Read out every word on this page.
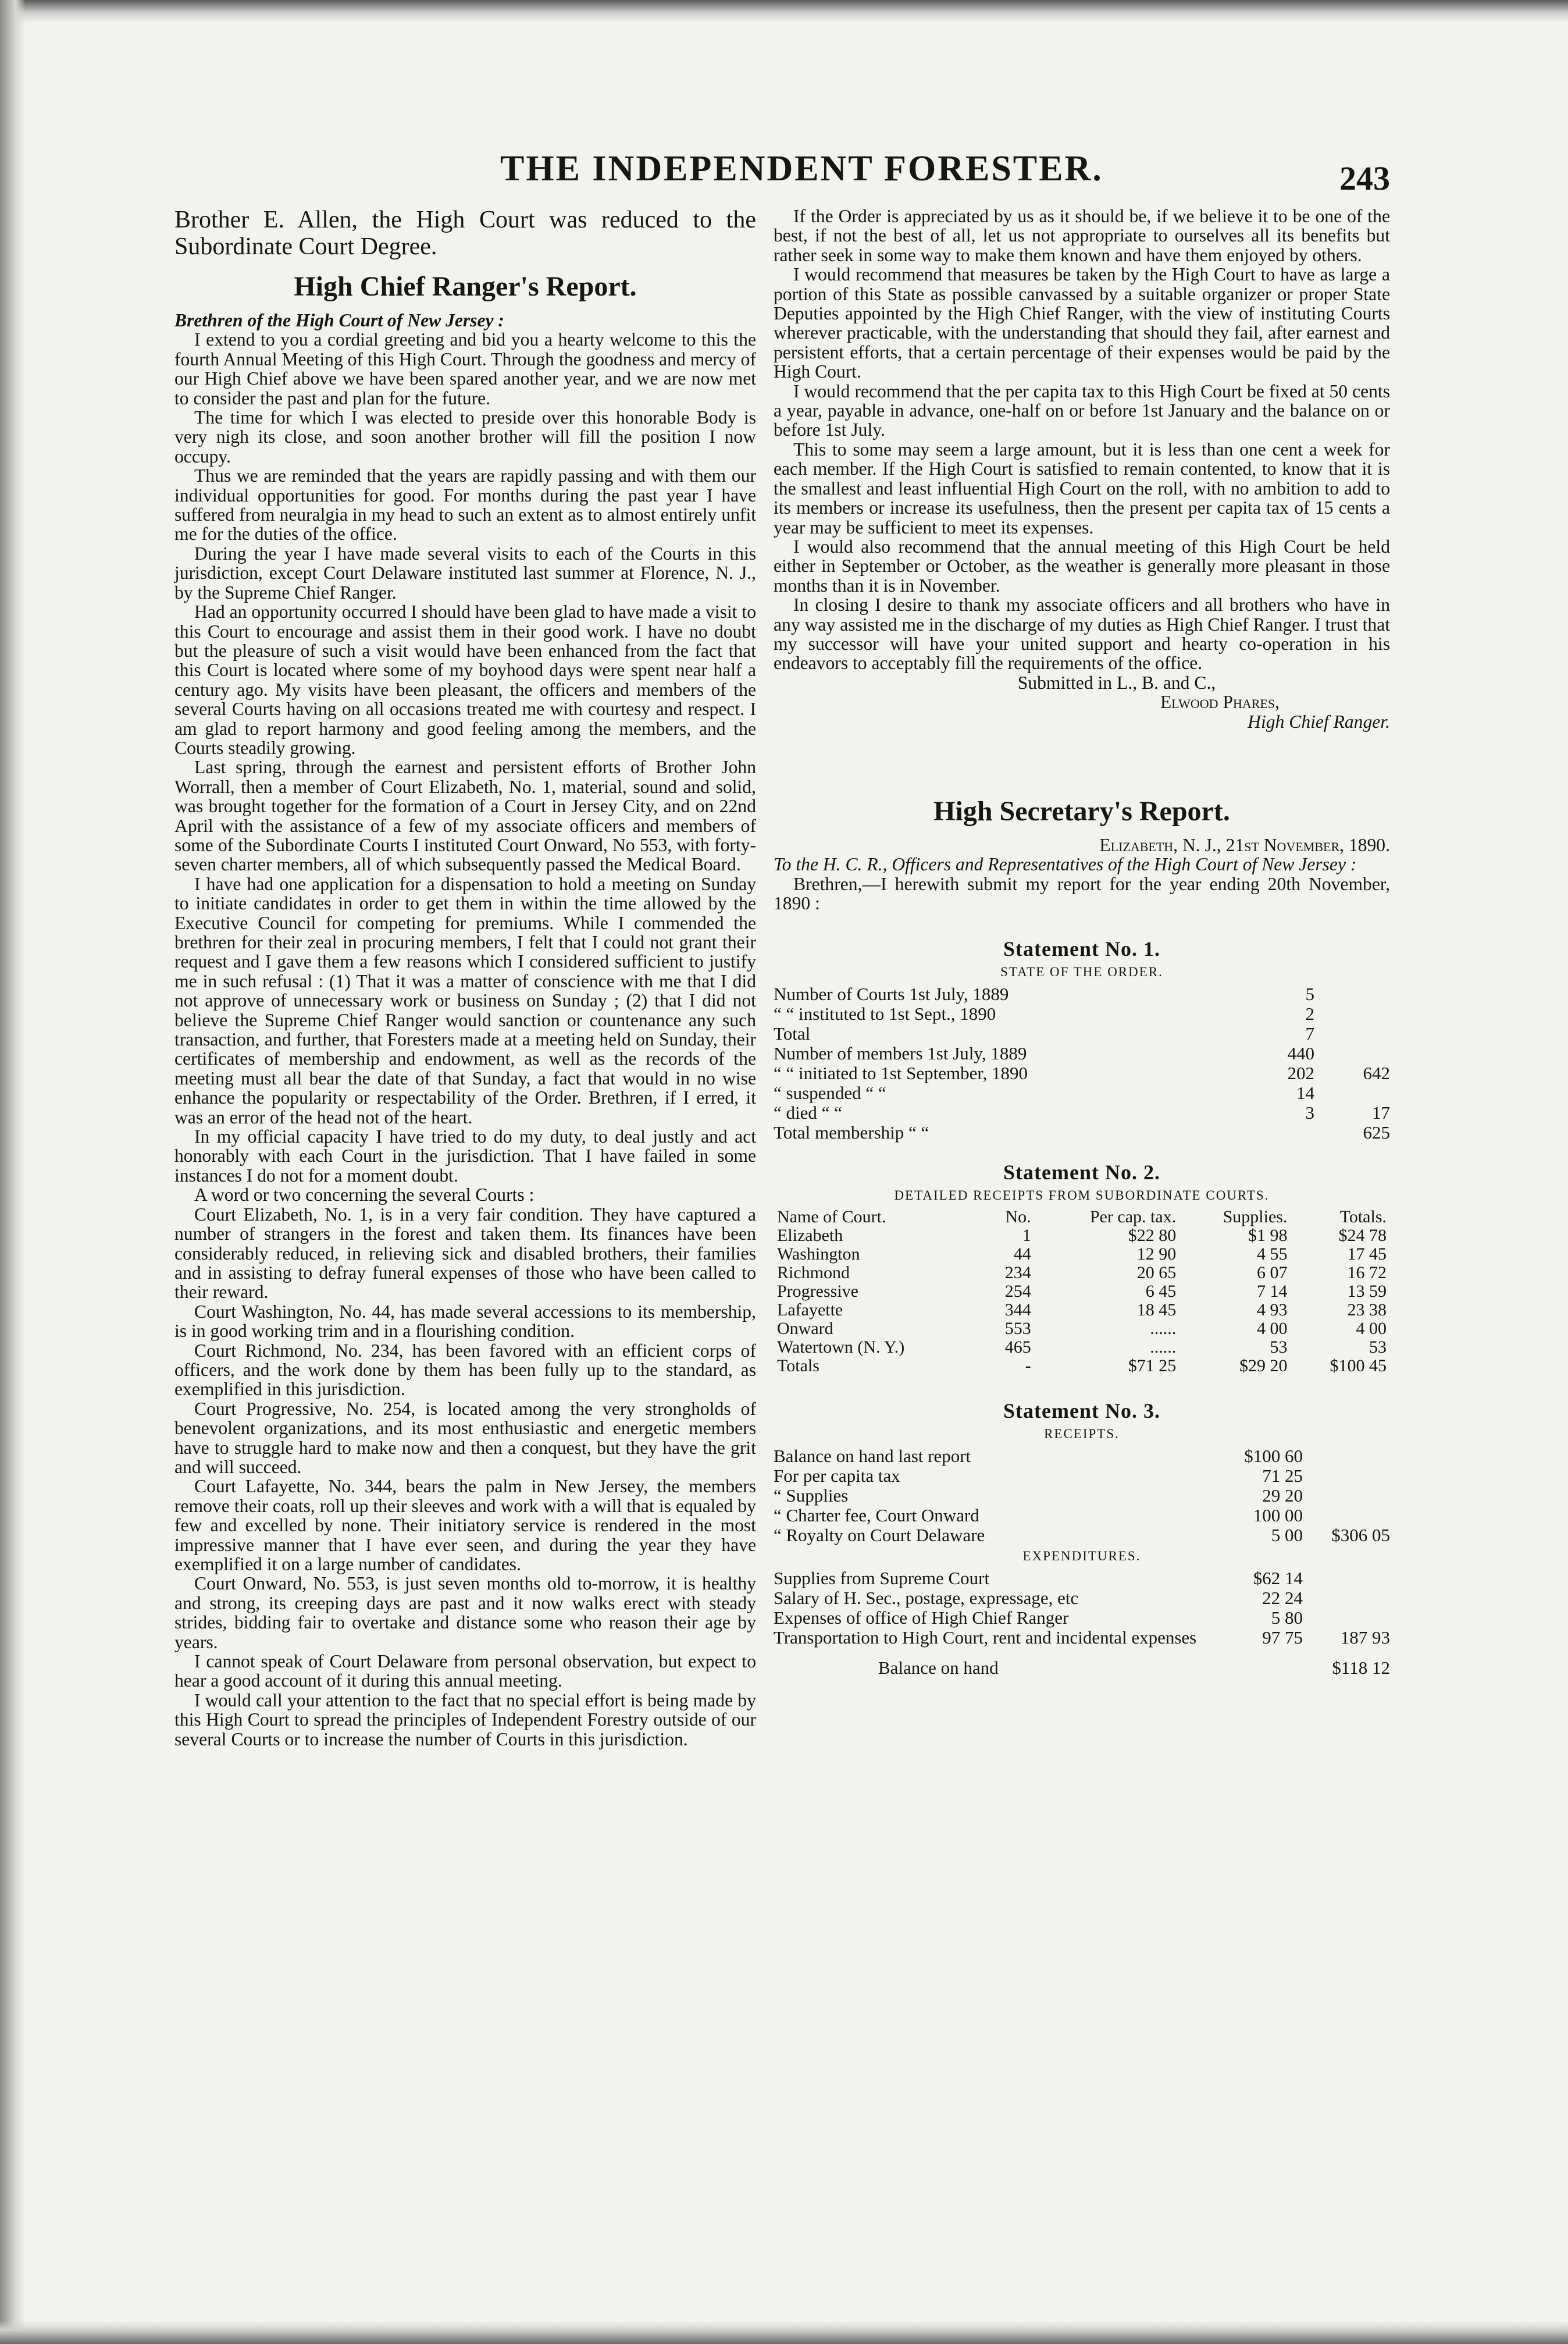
THE INDEPENDENT FORESTER.	243

Brother E. Allen, the High Court was reduced to the Subordinate Court Degree.

High Chief Ranger's Report.

Brethren of the High Court of New Jersey :

I extend to you a cordial greeting and bid you a hearty welcome to this the fourth Annual Meeting of this High Court. Through the goodness and mercy of our High Chief above we have been spared another year, and we are now met to consider the past and plan for the future.

The time for which I was elected to preside over this honorable Body is very nigh its close, and soon another brother will fill the position I now occupy.

Thus we are reminded that the years are rapidly passing and with them our individual opportunities for good. For months during the past year I have suffered from neuralgia in my head to such an extent as to almost entirely unfit me for the duties of the office.

During the year I have made several visits to each of the Courts in this jurisdiction, except Court Delaware instituted last summer at Florence, N. J., by the Supreme Chief Ranger.

Had an opportunity occurred I should have been glad to have made a visit to this Court to encourage and assist them in their good work. I have no doubt but the pleasure of such a visit would have been enhanced from the fact that this Court is located where some of my boyhood days were spent near half a century ago. My visits have been pleasant, the officers and members of the several Courts having on all occasions treated me with courtesy and respect. I am glad to report harmony and good feeling among the members, and the Courts steadily growing.

Last spring, through the earnest and persistent efforts of Brother John Worrall, then a member of Court Elizabeth, No. 1, material, sound and solid, was brought together for the formation of a Court in Jersey City, and on 22nd April with the assistance of a few of my associate officers and members of some of the Subordinate Courts I instituted Court Onward, No 553, with forty-seven charter members, all of which subsequently passed the Medical Board.

I have had one application for a dispensation to hold a meeting on Sunday to initiate candidates in order to get them in within the time allowed by the Executive Council for competing for premiums. While I commended the brethren for their zeal in procuring members, I felt that I could not grant their request and I gave them a few reasons which I considered sufficient to justify me in such refusal : (1) That it was a matter of conscience with me that I did not approve of unnecessary work or business on Sunday ; (2) that I did not believe the Supreme Chief Ranger would sanction or countenance any such transaction, and further, that Foresters made at a meeting held on Sunday, their certificates of membership and endowment, as well as the records of the meeting must all bear the date of that Sunday, a fact that would in no wise enhance the popularity or respectability of the Order. Brethren, if I erred, it was an error of the head not of the heart.

In my official capacity I have tried to do my duty, to deal justly and act honorably with each Court in the jurisdiction. That I have failed in some instances I do not for a moment doubt.

A word or two concerning the several Courts :

Court Elizabeth, No. 1, is in a very fair condition. They have captured a number of strangers in the forest and taken them. Its finances have been considerably reduced, in relieving sick and disabled brothers, their families and in assisting to defray funeral expenses of those who have been called to their reward.

Court Washington, No. 44, has made several accessions to its membership, is in good working trim and in a flourishing condition.

Court Richmond, No. 234, has been favored with an efficient corps of officers, and the work done by them has been fully up to the standard, as exemplified in this jurisdiction.

Court Progressive, No. 254, is located among the very strongholds of benevolent organizations, and its most enthusiastic and energetic members have to struggle hard to make now and then a conquest, but they have the grit and will succeed.

Court Lafayette, No. 344, bears the palm in New Jersey, the members remove their coats, roll up their sleeves and work with a will that is equaled by few and excelled by none. Their initiatory service is rendered in the most impressive manner that I have ever seen, and during the year they have exemplified it on a large number of candidates.

Court Onward, No. 553, is just seven months old to-morrow, it is healthy and strong, its creeping days are past and it now walks erect with steady strides, bidding fair to overtake and distance some who reason their age by years.

I cannot speak of Court Delaware from personal observation, but expect to hear a good account of it during this annual meeting.

I would call your attention to the fact that no special effort is being made by this High Court to spread the principles of Independent Forestry outside of our several Courts or to increase the number of Courts in this jurisdiction.

If the Order is appreciated by us as it should be, if we believe it to be one of the best, if not the best of all, let us not appropriate to ourselves all its benefits but rather seek in some way to make them known and have them enjoyed by others.

I would recommend that measures be taken by the High Court to have as large a portion of this State as possible canvassed by a suitable organizer or proper State Deputies appointed by the High Chief Ranger, with the view of instituting Courts wherever practicable, with the understanding that should they fail, after earnest and persistent efforts, that a certain percentage of their expenses would be paid by the High Court.

I would recommend that the per capita tax to this High Court be fixed at 50 cents a year, payable in advance, one-half on or before 1st January and the balance on or before 1st July.

This to some may seem a large amount, but it is less than one cent a week for each member. If the High Court is satisfied to remain contented, to know that it is the smallest and least influential High Court on the roll, with no ambition to add to its members or increase its usefulness, then the present per capita tax of 15 cents a year may be sufficient to meet its expenses.

I would also recommend that the annual meeting of this High Court be held either in September or October, as the weather is generally more pleasant in those months than it is in November.

In closing I desire to thank my associate officers and all brothers who have in any way assisted me in the discharge of my duties as High Chief Ranger. I trust that my successor will have your united support and hearty co-operation in his endeavors to acceptably fill the requirements of the office.

Submitted in L., B. and C.,

Elwood Phares,

High Chief Ranger.

High Secretary's Report.

Elizabeth, N. J., 21st November, 1890.

To the H. C. R., Officers and Representatives of the High Court of New Jersey :

Brethren,—I herewith submit my report for the year ending 20th November, 1890 :

Statement No. 1.
STATE OF THE ORDER.
Number of Courts 1st July, 1889	5
“ “ instituted to 1st Sept., 1890	2
Total	7
Number of members 1st July, 1889	440
“ “ initiated to 1st September, 1890	202	642
“ suspended “ “	14
“ died “ “	3	17
Total membership “ “	625
Statement No. 2.
DETAILED RECEIPTS FROM SUBORDINATE COURTS.
Name of Court.	No.	Per cap. tax.	Supplies.	Totals.
Elizabeth	1	$22 80	$1 98	$24 78
Washington	44	12 90	4 55	17 45
Richmond	234	20 65	6 07	16 72
Progressive	254	6 45	7 14	13 59
Lafayette	344	18 45	4 93	23 38
Onward	553	......	4 00	4 00
Watertown (N. Y.)	465	......	53	53
Totals	-	$71 25	$29 20	$100 45
Statement No. 3.
RECEIPTS.
Balance on hand last report	$100 60
For per capita tax	71 25
“ Supplies	29 20
“ Charter fee, Court Onward	100 00
“ Royalty on Court Delaware	5 00	$306 05
EXPENDITURES.
Supplies from Supreme Court	$62 14
Salary of H. Sec., postage, expressage, etc	22 24
Expenses of office of High Chief Ranger	5 80
Transportation to High Court, rent and incidental expenses	97 75	187 93
Balance on hand	$118 12
